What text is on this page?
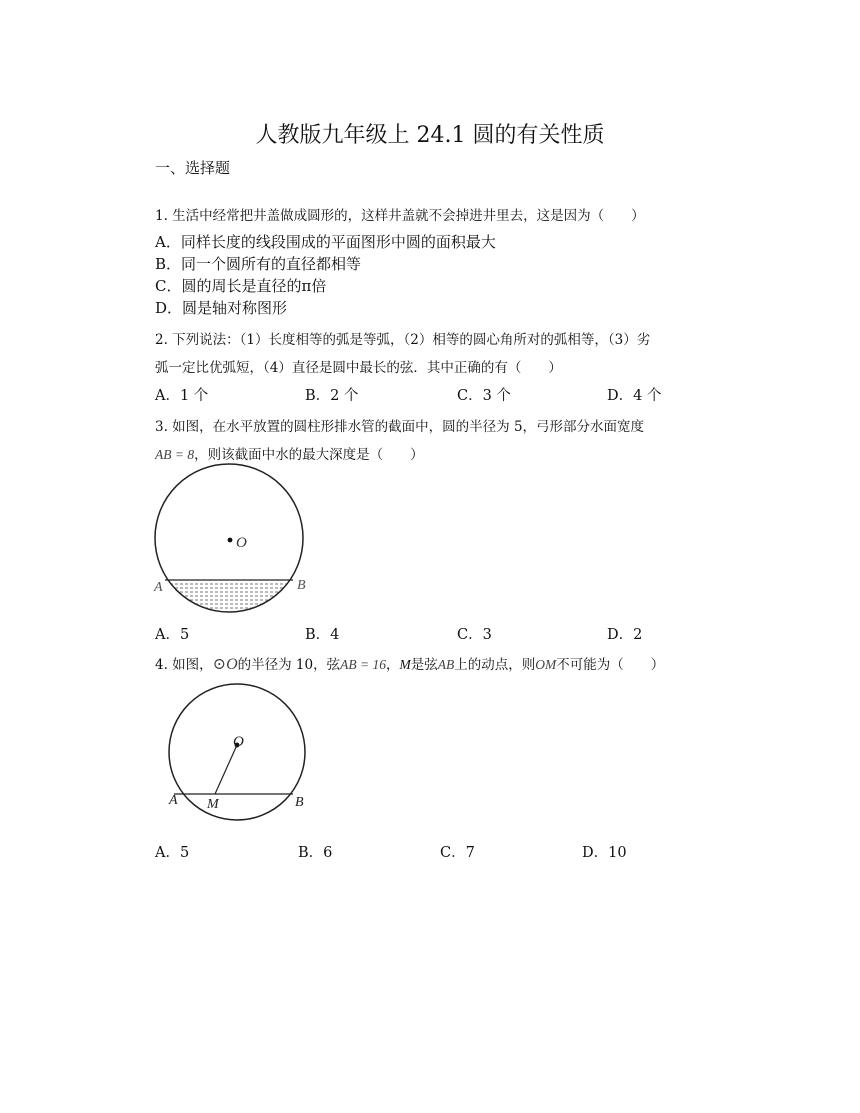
人教版九年级上 24.1 圆的有关性质
一、选择题
1. 生活中经常把井盖做成圆形的，这样井盖就不会掉进井里去，这是因为（　　）
A．同样长度的线段围成的平面图形中圆的面积最大
B．同一个圆所有的直径都相等
C．圆的周长是直径的π倍
D．圆是轴对称图形
2. 下列说法：（1）长度相等的弧是等弧，（2）相等的圆心角所对的弧相等，（3）劣
弧一定比优弧短，（4）直径是圆中最长的弦．其中正确的有（　　）
A．1 个	B．2 个	C．3 个	D．4 个
3. 如图，在水平放置的圆柱形排水管的截面中，圆的半径为 5，弓形部分水面宽度
AB = 8，则该截面中水的最大深度是（　　）
O
A	B
A．5	B．4	C．3	D．2
4. 如图，⊙O的半径为 10，弦AB = 16，M是弦AB上的动点，则OM不可能为（　　）
O
A	B
M
A．5	B．6	C．7	D．10
